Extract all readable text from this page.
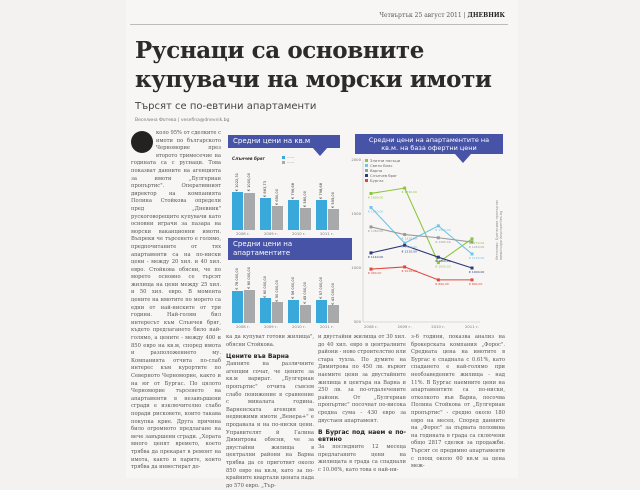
Четвъртък 25 август 2011 | ДНЕВНИК
Руснаци са основните купувачи на морски имоти
Търсят се по-евтини апартаменти
Веселина Фотева | vesefina@dnevnik.bg
коло 95% от сделките с имоти по българското Черноморие през второто тримесечие на годината са с руснаци. Това показват данните на агенцията за имоти „Булгериан пропъртис". Оперативният директор на компанията Полина Стойкова определи пред „Дневник" рускоговорещите купувачи като основни играчи за пазара на морски ваканционни имоти. Въпреки че търсенето е голямо, предпочитаните от тях апартаменти са на по-ниски цени - между 20 хил. и 40 хил. евро. Стойкова обясни, че по морето основно се търсят жилища на цени между 25 хил. и 50 хил. евро. В момента цените на имотите по морето са едни от най-ниските от три години. Най-голям бил интересът към Слънчев бряг, където предлагането било най-голямо, а цените - между 400 и 850 евро на кв.м, според имота и разположението му. Компанията отчита по-слаб интерес към курортите по Северното Черноморие, както и на юг от Бургас. По цялото Черноморие търсенето на апартаменти в незавършени сгради е изключително слабо поради рисковете, които такава покупка крие. Друга причина било огромното предлагане на вече завършени сгради. „Хората много ценят времето, което трябва да прекарат в ремонт на имота, както и парите, които трябва да инвестират до-
ка да купуват готови жилища", обясни Стойкова.
Цените във Варна
Данните на различните агенции сочат, че цените за кв.м варират. „Булгериан пропъртис" отчита съвсем слабо понижение в сравнение с миналата година. Варненската агенция за недвижими имоти „Венера+" е продавала и на по-ниски цени. Управителят й Галина Димитрова обясни, че за двустайни жилища в централни райони на Варна трябва да се приготвят около 850 евро на кв.м, като за по-крайните квартали цената пада до 570 евро. „Тър-
и двустайни жилища от 30 хил. до 40 хил. евро в централните райони - ново строителство или стара тухла. По думите на Димитрова по 450 лв. вървят наемите цени за двустайните жилища в центъра на Варна и 250 лв. за по-отдалечените райони. От „Булгериан пропъртис" посочват по-висока средна сума - 430 евро за двустаен апартамент.
В Бургас под наем е по-евтино
За последните 12 месеца предлаганите цени на жилищата в града са спаднали с 10.06%, като това е най-ни-
з-6 години, показва анализ на брокерската компания „Форос". Средната цена на имотите в Бургас е спаднала с 0.61%, като спадането е най-голямо при необзаведените жилища - над 11%. В Бургас наемните цени на апартаментите са по-ниски, отколкото във Варна, посочва Полина Стойкова от „Булгериан пропъртис" - средно около 180 евро на месец. Според данните на „Форос" за първата половина на годината в града са сключени общо 2817 сделки за продажби. Търсят се предимно апартаменти с площ около 60 кв.м за цена меж-
Средни цени на кв.м
Слънчев бряг	······
······
€ 1022,31 € 1000,00
2008 г.
€ 863,73 € 650,00
2009 г.
€ 796,68
€ 580,00
2010 г.
€ 798,68
€ 555,00
2011 г.
Средни цени на апартаментите
€ 78 000,00 € 80 000,00
2008 г.
€ 60 000,00 € 50 000,00
2009 г.
€ 56 000,00 € 45 000,00
2010 г.
€ 57 000,00 € 43 000,00
2011 г.
Средни цени на апартаментите на кв.м. на база офертни цени
Златни пясъци
Свети Влас
Варна
Слънчев бряг
Бургас
Източник: Булгериан пропъртис www.bulgarianproperties.bg
2000
1500
1000
500
2008 г.	2009 г.	2010 г.	2011 г.
€ 1690,00
€ 1560,00
€ 1380,00
€ 1140,00
€ 990,00
€ 1740,00
€ 1310,00
€ 1230,00
€ 1210,00
€ 1010,00
€ 1390,00
€ 1280,00
€ 1100,00
€ 1050,00
€ 890,00
€ 1270,00
€ 1240,00
€ 1130,00
€ 1000,00
€ 890,00
